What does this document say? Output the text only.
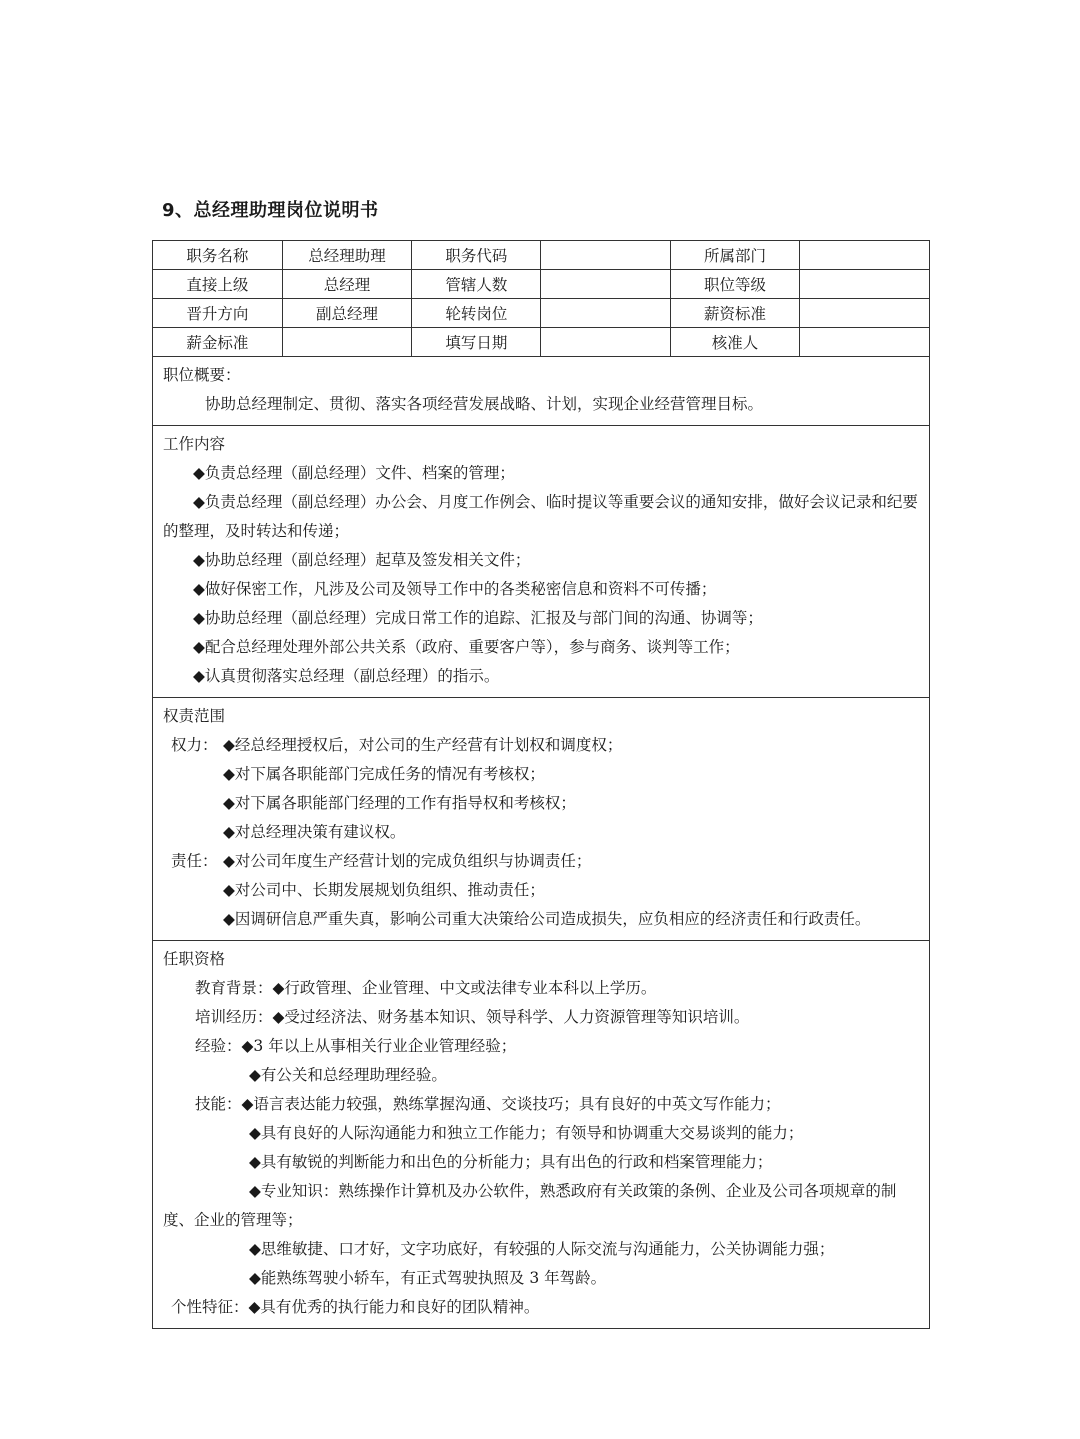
9、总经理助理岗位说明书
职务名称	总经理助理	职务代码		所属部门	
直接上级	总经理	管辖人数		职位等级	
晋升方向	副总经理	轮转岗位		薪资标准	
薪金标准		填写日期		核准人	
职位概要：
协助总经理制定、贯彻、落实各项经营发展战略、计划，实现企业经营管理目标。
工作内容
◆负责总经理（副总经理）文件、档案的管理；
◆负责总经理（副总经理）办公会、月度工作例会、临时提议等重要会议的通知安排，做好会议记录和纪要的整理，及时转达和传递；
◆协助总经理（副总经理）起草及签发相关文件；
◆做好保密工作，凡涉及公司及领导工作中的各类秘密信息和资料不可传播；
◆协助总经理（副总经理）完成日常工作的追踪、汇报及与部门间的沟通、协调等；
◆配合总经理处理外部公共关系（政府、重要客户等），参与商务、谈判等工作；
◆认真贯彻落实总经理（副总经理）的指示。
权责范围
权力： ◆经总经理授权后，对公司的生产经营有计划权和调度权；
◆对下属各职能部门完成任务的情况有考核权；
◆对下属各职能部门经理的工作有指导权和考核权；
◆对总经理决策有建议权。
责任： ◆对公司年度生产经营计划的完成负组织与协调责任；
◆对公司中、长期发展规划负组织、推动责任；
◆因调研信息严重失真，影响公司重大决策给公司造成损失，应负相应的经济责任和行政责任。
任职资格
教育背景：◆行政管理、企业管理、中文或法律专业本科以上学历。
培训经历：◆受过经济法、财务基本知识、领导科学、人力资源管理等知识培训。
经验：◆3 年以上从事相关行业企业管理经验；
◆有公关和总经理助理经验。
技能：◆语言表达能力较强，熟练掌握沟通、交谈技巧；具有良好的中英文写作能力；
◆具有良好的人际沟通能力和独立工作能力；有领导和协调重大交易谈判的能力；
◆具有敏锐的判断能力和出色的分析能力；具有出色的行政和档案管理能力；
◆专业知识：熟练操作计算机及办公软件，熟悉政府有关政策的条例、企业及公司各项规章的制度、企业的管理等；
◆思维敏捷、口才好，文字功底好，有较强的人际交流与沟通能力，公关协调能力强；
◆能熟练驾驶小轿车，有正式驾驶执照及 3 年驾龄。
个性特征：◆具有优秀的执行能力和良好的团队精神。
